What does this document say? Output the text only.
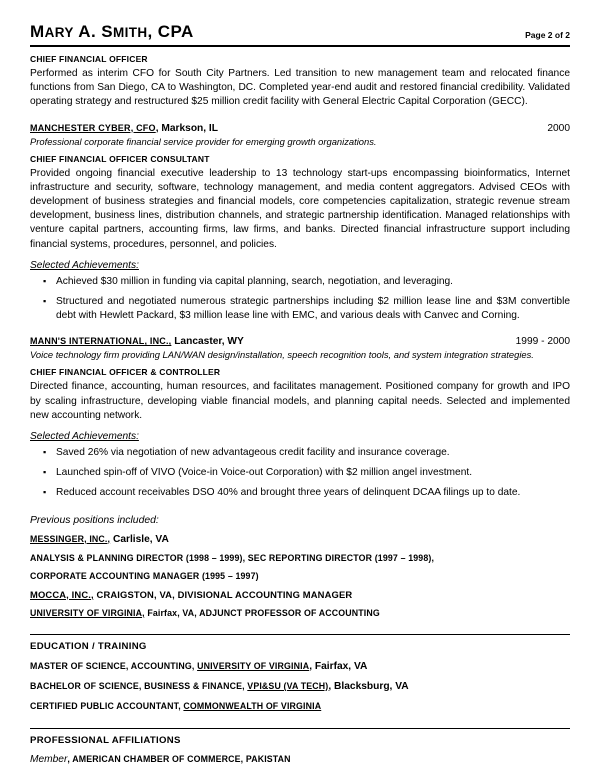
MARY A. SMITH, CPA	Page 2 of 2
CHIEF FINANCIAL OFFICER
Performed as interim CFO for South City Partners. Led transition to new management team and relocated finance functions from San Diego, CA to Washington, DC. Completed year-end audit and restored financial credibility. Validated operating strategy and restructured $25 million credit facility with General Electric Capital Corporation (GECC).
MANCHESTER CYBER, CFO, Markson, IL	2000
Professional corporate financial service provider for emerging growth organizations.
CHIEF FINANCIAL OFFICER CONSULTANT
Provided ongoing financial executive leadership to 13 technology start-ups encompassing bioinformatics, Internet infrastructure and security, software, technology management, and media content aggregators. Advised CEOs with development of business strategies and financial models, core competencies capitalization, strategic revenue stream development, business lines, distribution channels, and strategic partnership identification. Managed relationships with venture capital partners, accounting firms, law firms, and banks. Directed financial infrastructure support including financial systems, procedures, personnel, and policies.
Selected Achievements:
▪ Achieved $30 million in funding via capital planning, search, negotiation, and leveraging.
▪ Structured and negotiated numerous strategic partnerships including $2 million lease line and $3M convertible debt with Hewlett Packard, $3 million lease line with EMC, and various deals with Canvec and Corning.
MANN'S INTERNATIONAL, INC., Lancaster, WY	1999 - 2000
Voice technology firm providing LAN/WAN design/installation, speech recognition tools, and system integration strategies.
CHIEF FINANCIAL OFFICER & CONTROLLER
Directed finance, accounting, human resources, and facilitates management. Positioned company for growth and IPO by scaling infrastructure, developing viable financial models, and planning capital needs. Selected and implemented new accounting network.
Selected Achievements:
▪ Saved 26% via negotiation of new advantageous credit facility and insurance coverage.
▪ Launched spin-off of VIVO (Voice-in Voice-out Corporation) with $2 million angel investment.
▪ Reduced account receivables DSO 40% and brought three years of delinquent DCAA filings up to date.
Previous positions included:
MESSINGER, INC., Carlisle, VA
ANALYSIS & PLANNING DIRECTOR (1998 – 1999), SEC REPORTING DIRECTOR (1997 – 1998),
CORPORATE ACCOUNTING MANAGER (1995 – 1997)
MOCCA, INC., CRAIGSTON, VA, DIVISIONAL ACCOUNTING MANAGER
UNIVERSITY OF VIRGINIA, Fairfax, VA, ADJUNCT PROFESSOR OF ACCOUNTING
EDUCATION / TRAINING
MASTER OF SCIENCE, ACCOUNTING, UNIVERSITY OF VIRGINIA, Fairfax, VA
BACHELOR OF SCIENCE, BUSINESS & FINANCE, VPI&SU (VA TECH), Blacksburg, VA
CERTIFIED PUBLIC ACCOUNTANT, COMMONWEALTH OF VIRGINIA
PROFESSIONAL AFFILIATIONS
Member, AMERICAN CHAMBER OF COMMERCE, PAKISTAN
